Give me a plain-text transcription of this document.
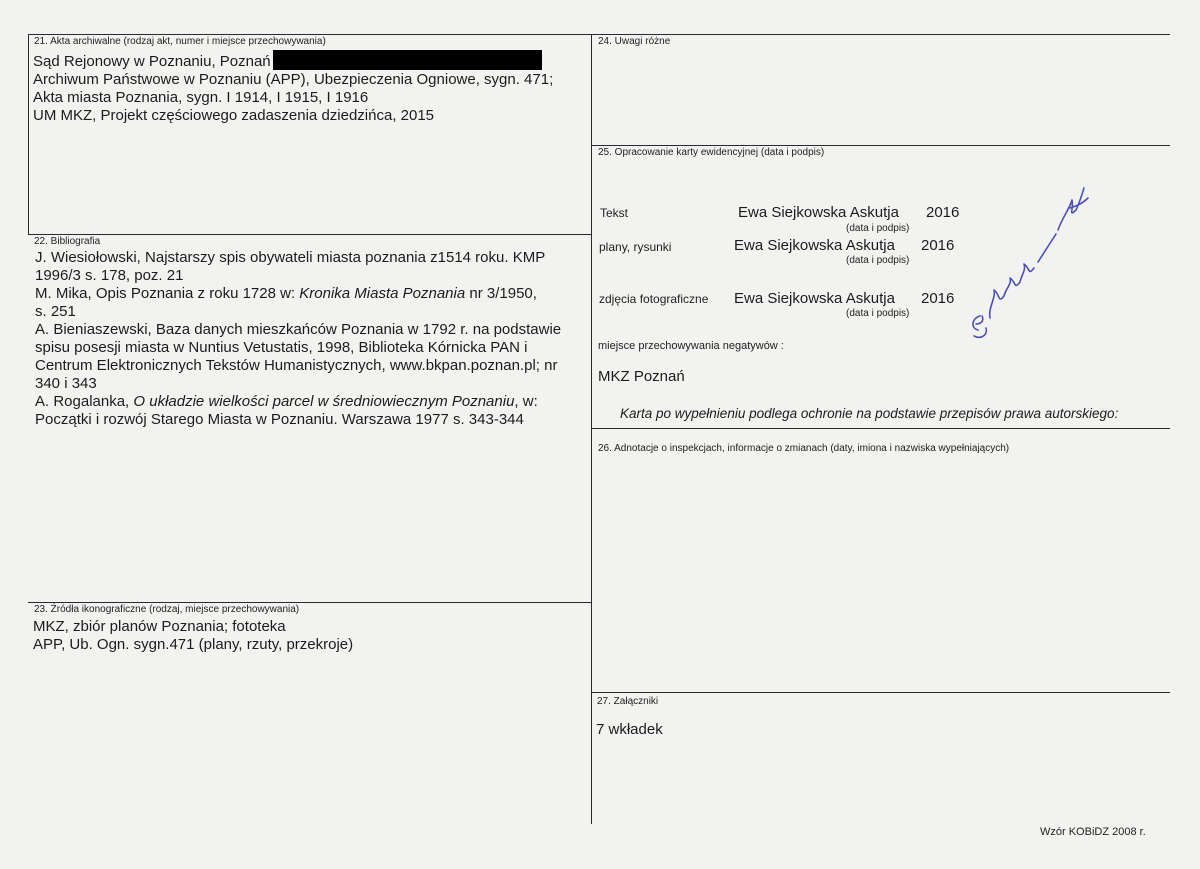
21. Akta archiwalne (rodzaj akt, numer i miejsce przechowywania)

Sąd Rejonowy w Poznaniu, Poznań

Archiwum Państwowe w Poznaniu (APP), Ubezpieczenia Ogniowe, sygn. 471;

Akta miasta Poznania, sygn. I 1914, I 1915, I 1916

UM MKZ, Projekt częściowego zadaszenia dziedzińca, 2015

22. Bibliografia

J. Wiesiołowski, Najstarszy spis obywateli miasta poznania z1514 roku. KMP

1996/3 s. 178, poz. 21

M. Mika, Opis Poznania z roku 1728 w: Kronika Miasta Poznania nr 3/1950,

s. 251

A. Bieniaszewski, Baza danych mieszkańców Poznania w 1792 r. na podstawie

spisu posesji miasta w Nuntius Vetustatis, 1998, Biblioteka Kórnicka PAN i

Centrum Elektronicznych Tekstów Humanistycznych, www.bkpan.poznan.pl; nr

340 i 343

A. Rogalanka, O układzie wielkości parcel w średniowiecznym Poznaniu, w:

Początki i rozwój Starego Miasta w Poznaniu. Warszawa 1977 s. 343-344

23. Źródła ikonograficzne (rodzaj, miejsce przechowywania)

MKZ, zbiór planów Poznania; fototeka

APP, Ub. Ogn. sygn.471 (plany, rzuty, przekroje)

24. Uwagi różne
25. Opracowanie karty ewidencyjnej (data i podpis)
Tekst	Ewa Siejkowska Askutja 2016
(data i podpis)
plany, rysunki	Ewa Siejkowska Askutja 2016
(data i podpis)
zdjęcia fotograficzne Ewa Siejkowska Askutja 2016
(data i podpis)
miejsce przechowywania negatywów :
MKZ Poznań
Karta po wypełnieniu podlega ochronie na podstawie przepisów prawa autorskiego:
26. Adnotacje o inspekcjach, informacje o zmianach (daty, imiona i nazwiska wypełniających)
27. Załączniki
7 wkładek
Wzór KOBiDZ 2008 r.
